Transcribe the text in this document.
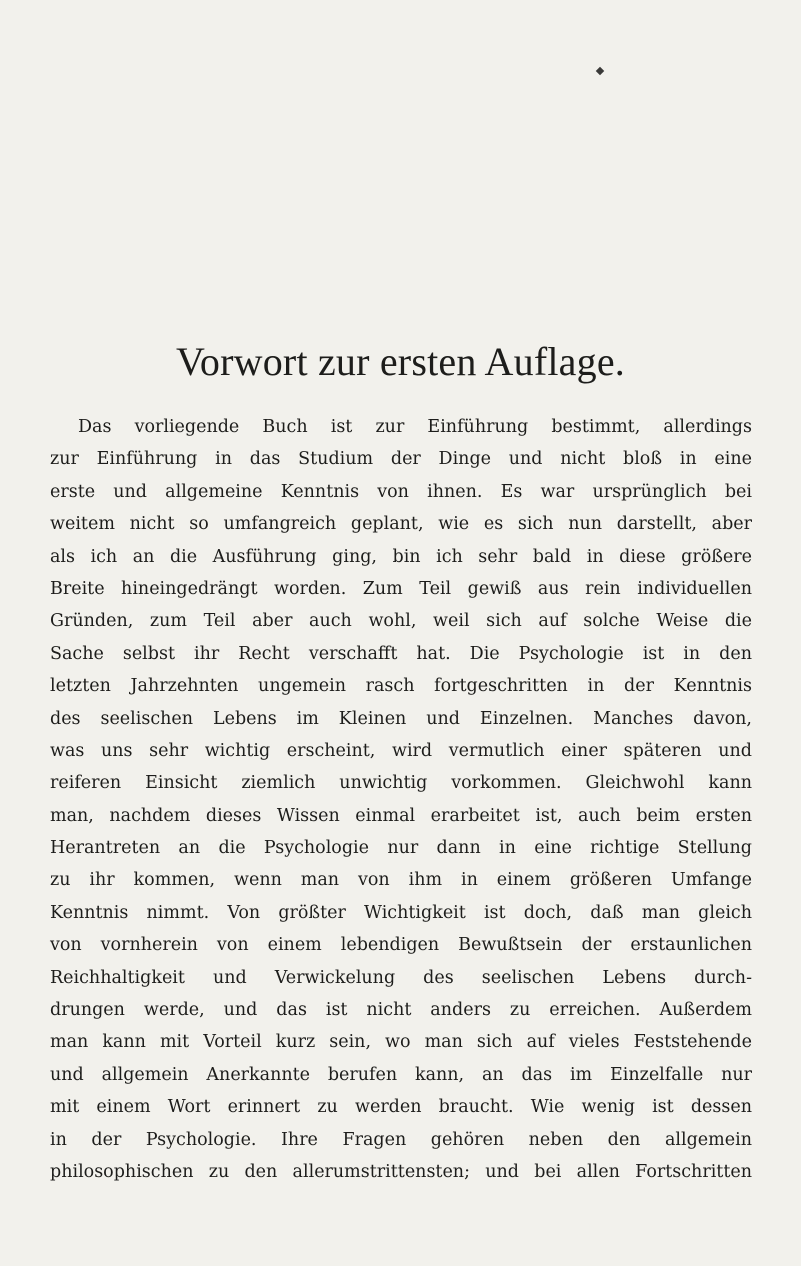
Vorwort zur ersten Auflage.
Das vorliegende Buch ist zur Einführung bestimmt, allerdings
zur Einführung in das Studium der Dinge und nicht bloß in eine
erste und allgemeine Kenntnis von ihnen. Es war ursprünglich bei
weitem nicht so umfangreich geplant, wie es sich nun darstellt, aber
als ich an die Ausführung ging, bin ich sehr bald in diese größere
Breite hineingedrängt worden. Zum Teil gewiß aus rein individuellen
Gründen, zum Teil aber auch wohl, weil sich auf solche Weise die
Sache selbst ihr Recht verschafft hat. Die Psychologie ist in den
letzten Jahrzehnten ungemein rasch fortgeschritten in der Kenntnis
des seelischen Lebens im Kleinen und Einzelnen. Manches davon,
was uns sehr wichtig erscheint, wird vermutlich einer späteren und
reiferen Einsicht ziemlich unwichtig vorkommen. Gleichwohl kann
man, nachdem dieses Wissen einmal erarbeitet ist, auch beim ersten
Herantreten an die Psychologie nur dann in eine richtige Stellung
zu ihr kommen, wenn man von ihm in einem größeren Umfange
Kenntnis nimmt. Von größter Wichtigkeit ist doch, daß man gleich
von vornherein von einem lebendigen Bewußtsein der erstaunlichen
Reichhaltigkeit und Verwickelung des seelischen Lebens durch-
drungen werde, und das ist nicht anders zu erreichen. Außerdem
man kann mit Vorteil kurz sein, wo man sich auf vieles Feststehende
und allgemein Anerkannte berufen kann, an das im Einzelfalle nur
mit einem Wort erinnert zu werden braucht. Wie wenig ist dessen
in der Psychologie. Ihre Fragen gehören neben den allgemein
philosophischen zu den allerumstrittensten; und bei allen Fortschritten
